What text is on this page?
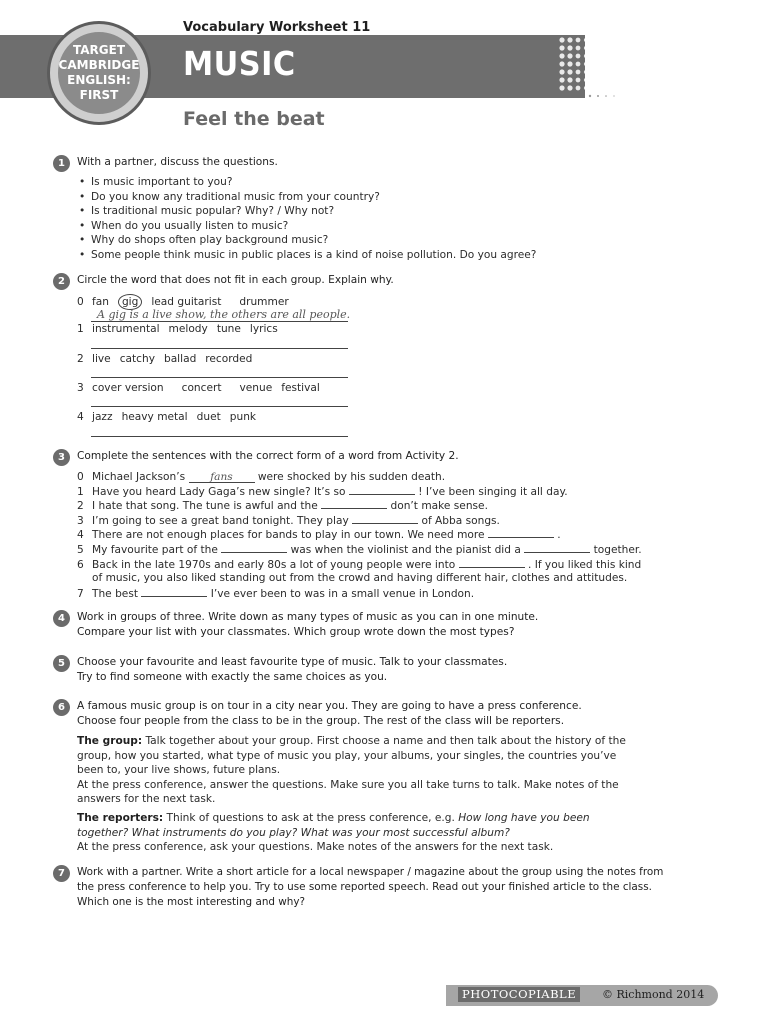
Vocabulary Worksheet 11
MUSIC
TARGET
CAMBRIDGE
ENGLISH:
FIRST
Feel the beat
1	With a partner, discuss the questions.
• Is music important to you?
• Do you know any traditional music from your country?
• Is traditional music popular? Why? / Why not?
• When do you usually listen to music?
• Why do shops often play background music?
• Some people think music in public places is a kind of noise pollution. Do you agree?
2	Circle the word that does not fit in each group. Explain why.
0 fan gig lead guitarist drummer
A gig is a live show, the others are all people.
1 instrumental melody tune lyrics
2 live catchy ballad recorded
3 cover version concert venue festival
4 jazz heavy metal duet punk
3	Complete the sentences with the correct form of a word from Activity 2.
0 Michael Jackson’s fans were shocked by his sudden death.
1 Have you heard Lady Gaga’s new single? It’s so	! I’ve been singing it all day.
2 I hate that song. The tune is awful and the	don’t make sense.
3 I’m going to see a great band tonight. They play	of Abba songs.
4 There are not enough places for bands to play in our town. We need more	.
5 My favourite part of the	was when the violinist and the pianist did a	together.
6 Back in the late 1970s and early 80s a lot of young people were into	. If you liked this kind
of music, you also liked standing out from the crowd and having different hair, clothes and attitudes.
7 The best	I’ve ever been to was in a small venue in London.
4	Work in groups of three. Write down as many types of music as you can in one minute.
Compare your list with your classmates. Which group wrote down the most types?
5	Choose your favourite and least favourite type of music. Talk to your classmates.
Try to find someone with exactly the same choices as you.
6	A famous music group is on tour in a city near you. They are going to have a press conference.
Choose four people from the class to be in the group. The rest of the class will be reporters.
The group: Talk together about your group. First choose a name and then talk about the history of the
group, how you started, what type of music you play, your albums, your singles, the countries you’ve
been to, your live shows, future plans.
At the press conference, answer the questions. Make sure you all take turns to talk. Make notes of the
answers for the next task.
The reporters: Think of questions to ask at the press conference, e.g. How long have you been
together? What instruments do you play? What was your most successful album?
At the press conference, ask your questions. Make notes of the answers for the next task.
7	Work with a partner. Write a short article for a local newspaper / magazine about the group using the notes from
the press conference to help you. Try to use some reported speech. Read out your finished article to the class.
Which one is the most interesting and why?
PHOTOCOPIABLE	© Richmond 2014
